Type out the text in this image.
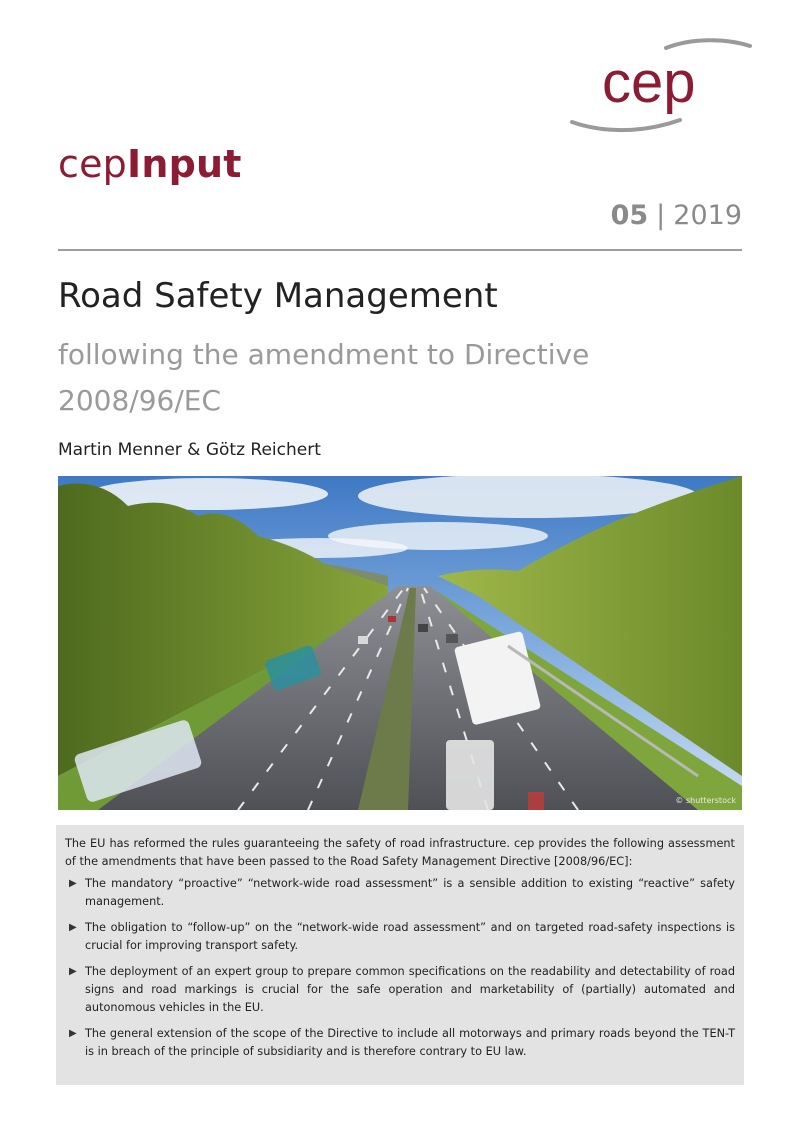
cep
cepInput
05 | 2019
Road Safety Management
following the amendment to Directive 2008/96/EC
Martin Menner & Götz Reichert
© shutterstock

The EU has reformed the rules guaranteeing the safety of road infrastructure. cep provides the following assessment of the amendments that have been passed to the Road Safety Management Directive [2008/96/EC]:

▶ The mandatory “proactive” “network-wide road assessment” is a sensible addition to existing “reactive” safety management.
▶ The obligation to “follow-up” on the “network-wide road assessment” and on targeted road-safety inspections is crucial for improving transport safety.
▶ The deployment of an expert group to prepare common specifications on the readability and detectability of road signs and road markings is crucial for the safe operation and marketability of (partially) automated and autonomous vehicles in the EU.
▶ The general extension of the scope of the Directive to include all motorways and primary roads beyond the TEN-T is in breach of the principle of subsidiarity and is therefore contrary to EU law.
